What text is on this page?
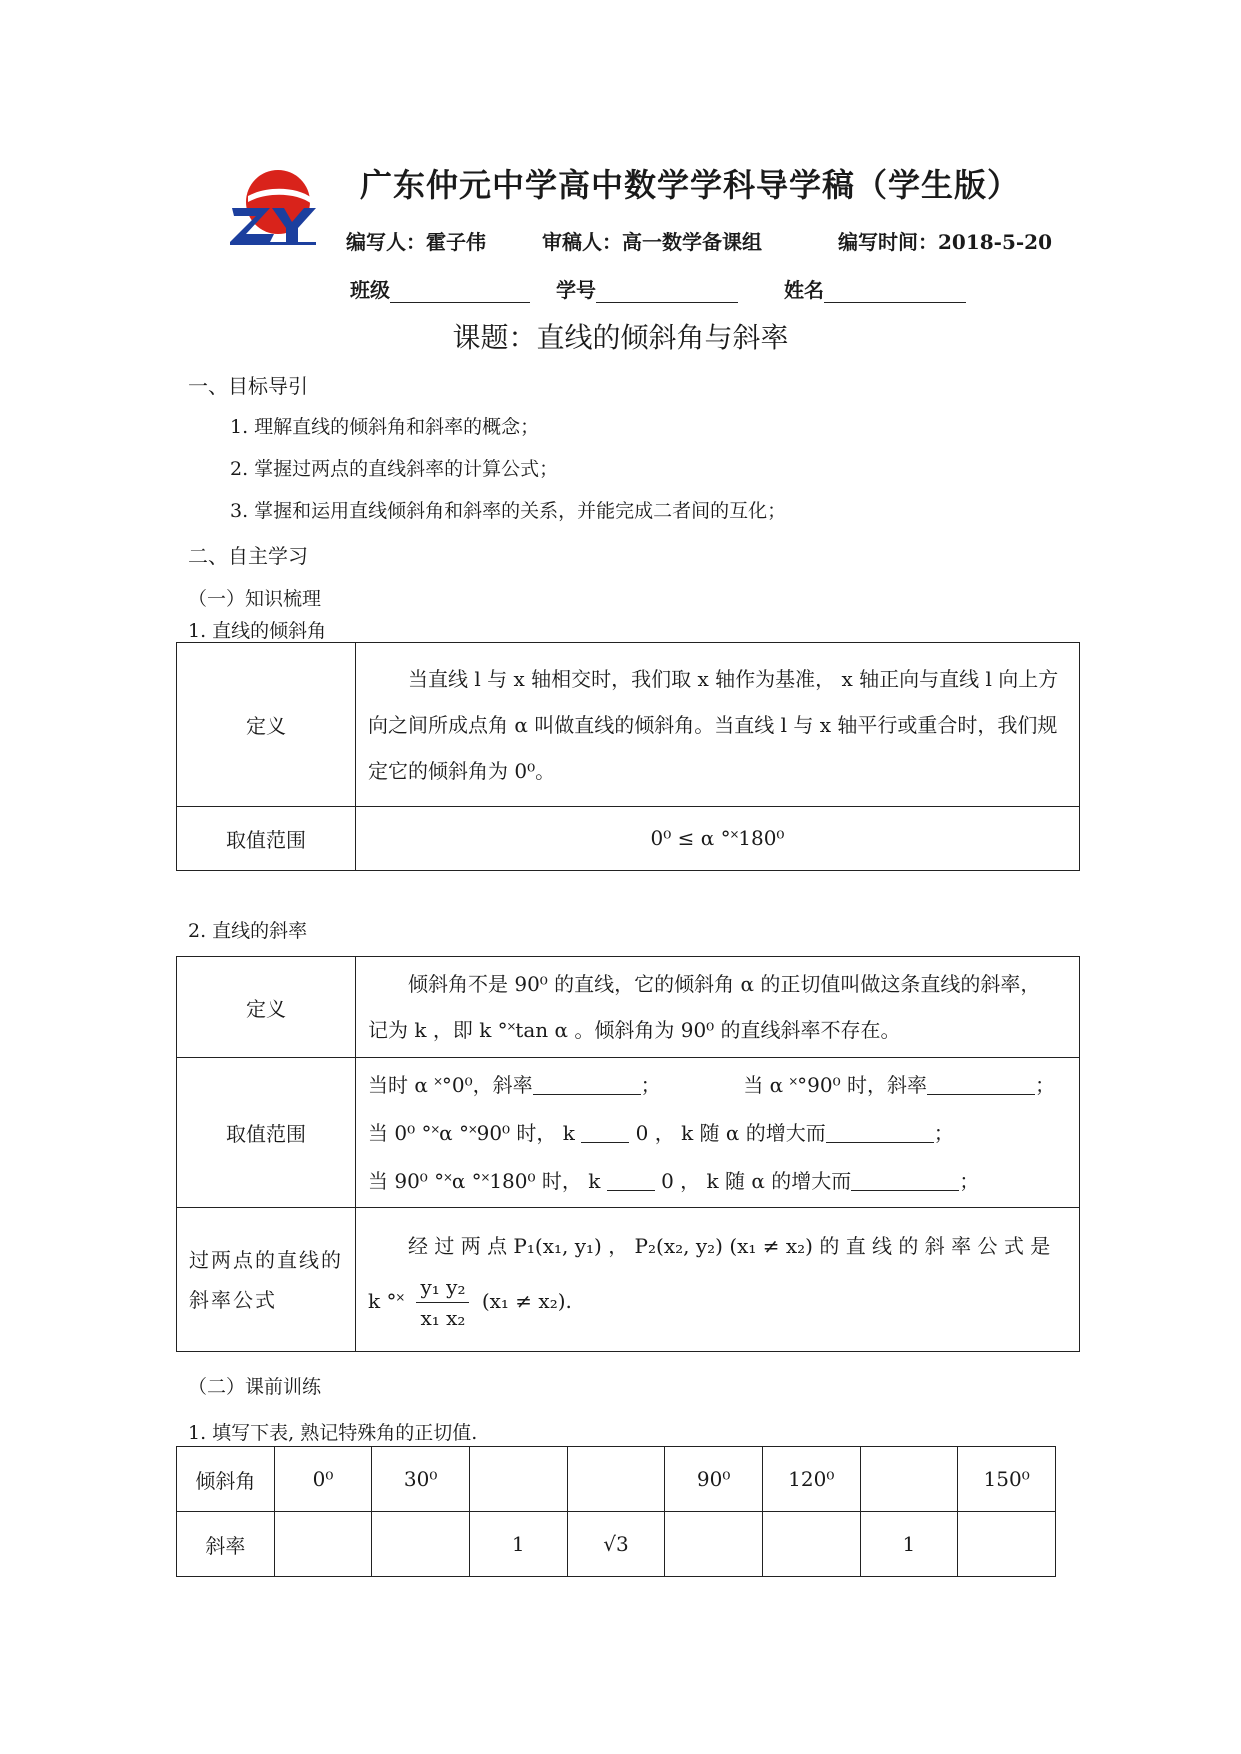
广东仲元中学高中数学学科导学稿（学生版）
编写人：霍子伟	审稿人：高一数学备课组	编写时间：2018-5-20
班级	学号	姓名
课题：直线的倾斜角与斜率
一、目标导引
1. 理解直线的倾斜角和斜率的概念；
2. 掌握过两点的直线斜率的计算公式；
3. 掌握和运用直线倾斜角和斜率的关系，并能完成二者间的互化；
二、自主学习
（一）知识梳理
1. 直线的倾斜角
定义	当直线 l 与 x 轴相交时，我们取 x 轴作为基准， x 轴正向与直线 l 向上方向之间所成点角 α 叫做直线的倾斜角。当直线 l 与 x 轴平行或重合时，我们规定它的倾斜角为 0⁰。

取值范围	0⁰ ≤ α °˟180⁰
2. 直线的斜率
定义	倾斜角不是 90⁰ 的直线，它的倾斜角 α 的正切值叫做这条直线的斜率，
记为 k ，即 k °˟tan α 。倾斜角为 90⁰ 的直线斜率不存在。

取值范围	当时 α ˟°0⁰，斜率 ； 当 α ˟°90⁰ 时，斜率 ；
当 0⁰ °˟α °˟90⁰ 时， k 0 ， k 随 α 的增大而 ；
当 90⁰ °˟α °˟180⁰ 时， k 0 ， k 随 α 的增大而 ；

过两点的直线的斜率公式	经 过 两 点 P₁(x₁, y₁) ， P₂(x₂, y₂) (x₁ ≠ x₂) 的 直 线 的 斜 率 公 式 是
k °˟ $\frac{\text{y₁ y₂}}{\text{x₁ x₂}} (x_1 \ne x_2)$.
（二）课前训练
1. 填写下表, 熟记特殊角的正切值.
倾斜角	0⁰	30⁰			90⁰	120⁰		150⁰
斜率			1	√3			1	
